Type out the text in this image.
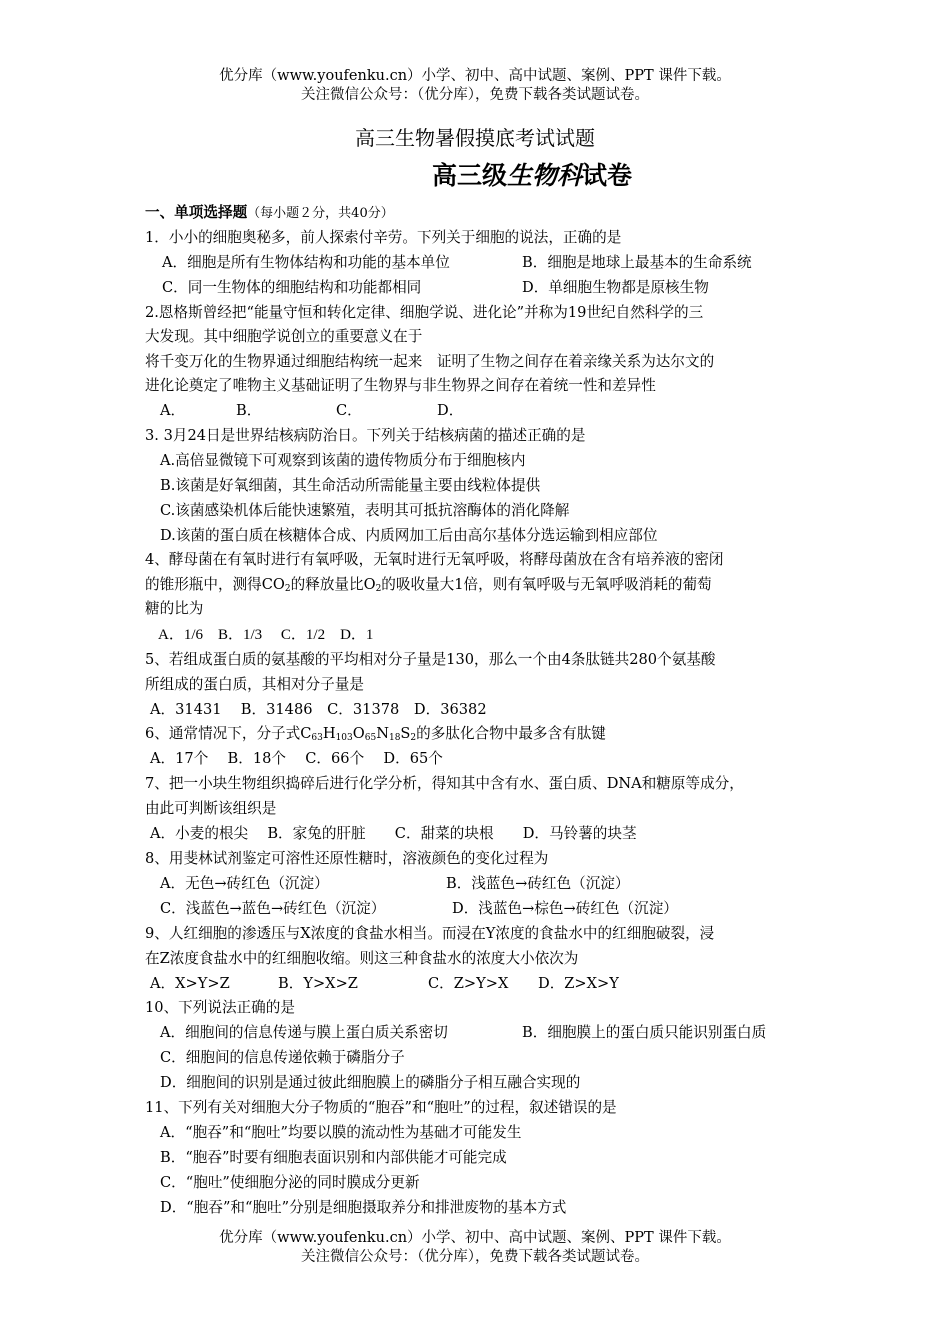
优分库（www.youfenku.cn）小学、初中、高中试题、案例、PPT 课件下载。
关注微信公众号：（优分库），免费下载各类试题试卷。
高三生物暑假摸底考试试题
高三级生物科试卷
一、单项选择题（每小题２分，共40分）
1．小小的细胞奥秘多，前人探索付辛劳。下列关于细胞的说法，正确的是
A．细胞是所有生物体结构和功能的基本单位	B．细胞是地球上最基本的生命系统
C．同一生物体的细胞结构和功能都相同	D．单细胞生物都是原核生物
2.恩格斯曾经把“能量守恒和转化定律、细胞学说、进化论”并称为19世纪自然科学的三
大发现。其中细胞学说创立的重要意义在于
将千变万化的生物界通过细胞结构统一起来　证明了生物之间存在着亲缘关系为达尔文的
进化论奠定了唯物主义基础证明了生物界与非生物界之间存在着统一性和差异性
A．	B．	C．	D．
3. 3月24日是世界结核病防治日。下列关于结核病菌的描述正确的是
A.高倍显微镜下可观察到该菌的遗传物质分布于细胞核内
B.该菌是好氧细菌，其生命活动所需能量主要由线粒体提供
C.该菌感染机体后能快速繁殖，表明其可抵抗溶酶体的消化降解
D.该菌的蛋白质在核糖体合成、内质网加工后由高尔基体分选运输到相应部位
4、酵母菌在有氧时进行有氧呼吸，无氧时进行无氧呼吸，将酵母菌放在含有培养液的密闭
的锥形瓶中，测得$CO_2$的释放量比$O_2$的吸收量大1倍，则有氧呼吸与无氧呼吸消耗的葡萄
糖的比为
A．1/6　B．1/3　 C．1/2　D．1
5、若组成蛋白质的氨基酸的平均相对分子量是130，那么一个由4条肽链共280个氨基酸
所组成的蛋白质，其相对分子量是
A．31431　 B．31486　C．31378　D．36382
6、通常情况下，分子式$C_{63}H_{103}O_{65}N_{18}S_2$的多肽化合物中最多含有肽键
A．17个　 B．18个　 C．66个　 D．65个
7、把一小块生物组织捣碎后进行化学分析，得知其中含有水、蛋白质、DNA和糖原等成分，
由此可判断该组织是
A．小麦的根尖　 B．家兔的肝脏　　C．甜菜的块根　　D．马铃薯的块茎
8、用斐林试剂鉴定可溶性还原性糖时，溶液颜色的变化过程为
A．无色→砖红色（沉淀）	B．浅蓝色→砖红色（沉淀）
C．浅蓝色→蓝色→砖红色（沉淀）	D．浅蓝色→棕色→砖红色（沉淀）
9、人红细胞的渗透压与X浓度的食盐水相当。而浸在Y浓度的食盐水中的红细胞破裂，浸
在Z浓度食盐水中的红细胞收缩。则这三种食盐水的浓度大小依次为
A．X>Y>Z	B．Y>X>Z	C．Z>Y>X D．Z>X>Y
10、下列说法正确的是
A．细胞间的信息传递与膜上蛋白质关系密切	B．细胞膜上的蛋白质只能识别蛋白质
C．细胞间的信息传递依赖于磷脂分子
D．细胞间的识别是通过彼此细胞膜上的磷脂分子相互融合实现的
11、下列有关对细胞大分子物质的“胞吞”和“胞吐”的过程，叙述错误的是
A．“胞吞”和“胞吐”均要以膜的流动性为基础才可能发生
B．“胞吞”时要有细胞表面识别和内部供能才可能完成
C．“胞吐”使细胞分泌的同时膜成分更新
D．“胞吞”和“胞吐”分别是细胞摄取养分和排泄废物的基本方式
优分库（www.youfenku.cn）小学、初中、高中试题、案例、PPT 课件下载。
关注微信公众号：（优分库），免费下载各类试题试卷。
